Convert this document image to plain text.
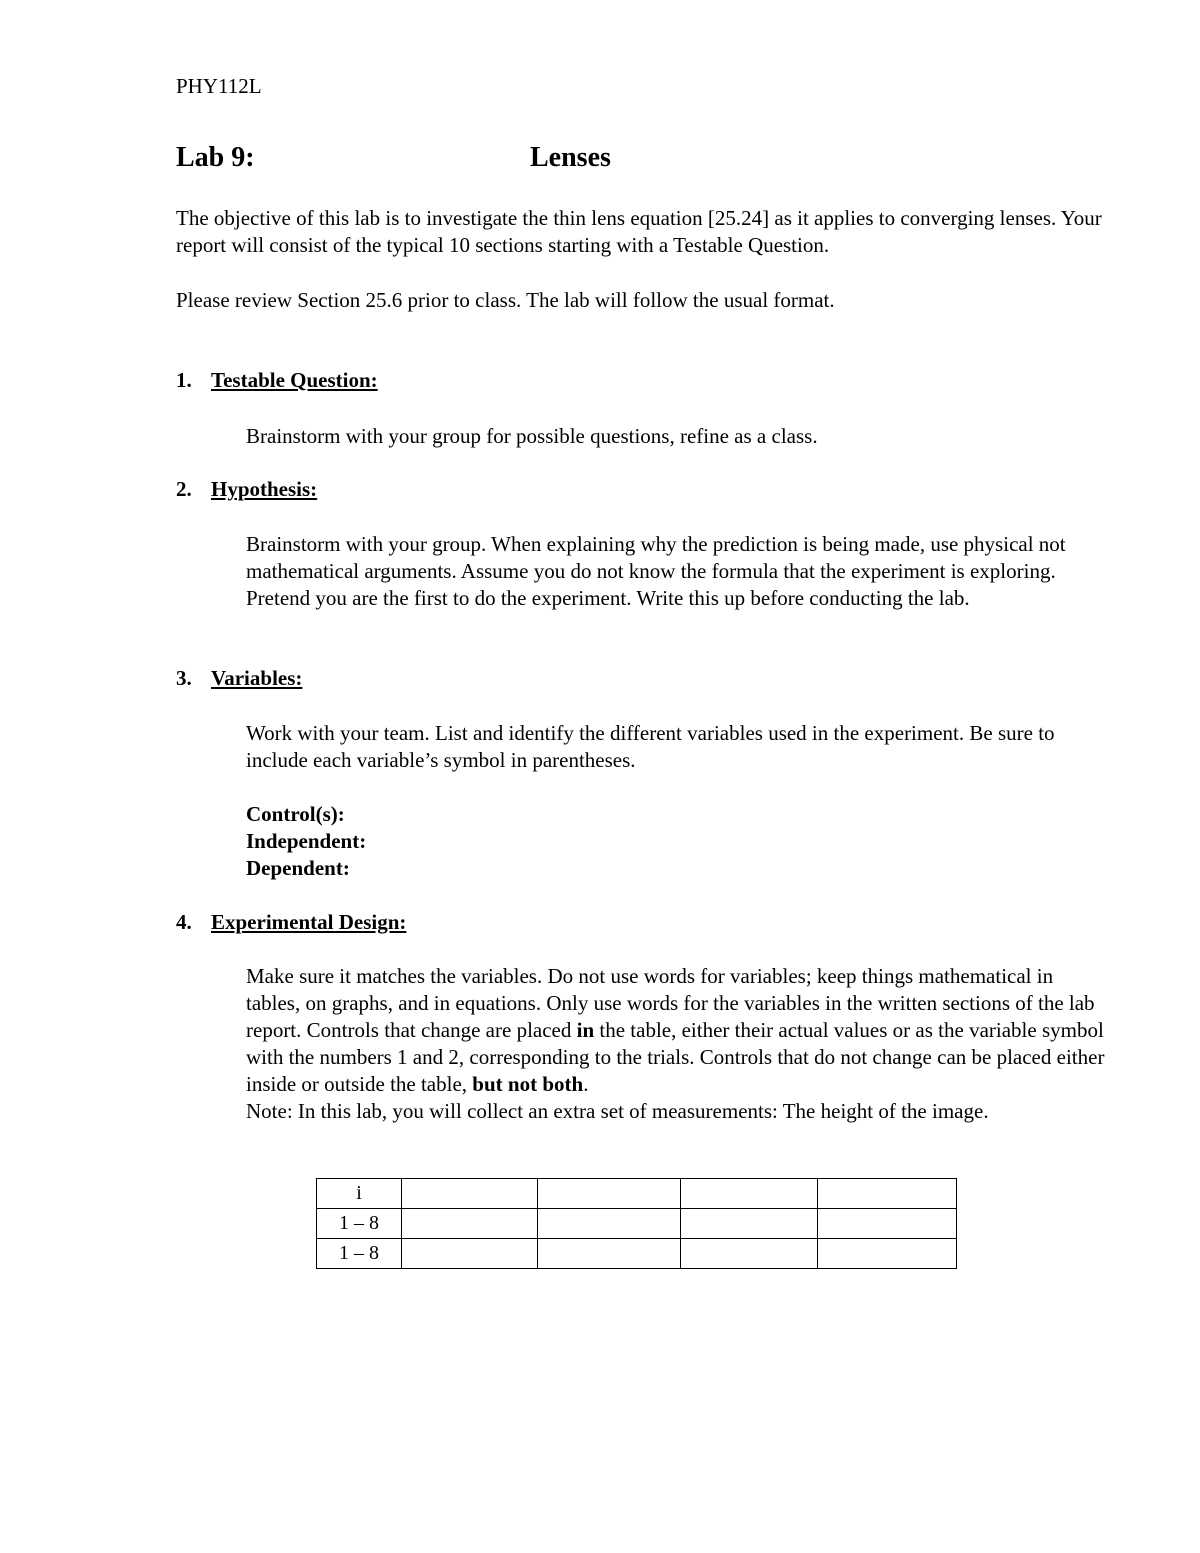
PHY112L
Lab 9:	Lenses
The objective of this lab is to investigate the thin lens equation [25.24] as it applies to converging lenses. Your report will consist of the typical 10 sections starting with a Testable Question.
Please review Section 25.6 prior to class. The lab will follow the usual format.
1. Testable Question:
Brainstorm with your group for possible questions, refine as a class.
2. Hypothesis:
Brainstorm with your group. When explaining why the prediction is being made, use physical not mathematical arguments. Assume you do not know the formula that the experiment is exploring. Pretend you are the first to do the experiment. Write this up before conducting the lab.
3. Variables:
Work with your team. List and identify the different variables used in the experiment. Be sure to include each variable’s symbol in parentheses.
Control(s):
Independent:
Dependent:
4. Experimental Design:
Make sure it matches the variables. Do not use words for variables; keep things mathematical in tables, on graphs, and in equations. Only use words for the variables in the written sections of the lab report. Controls that change are placed in the table, either their actual values or as the variable symbol with the numbers 1 and 2, corresponding to the trials. Controls that do not change can be placed either inside or outside the table, but not both.
Note: In this lab, you will collect an extra set of measurements: The height of the image.
i				
1 – 8				
1 – 8				
